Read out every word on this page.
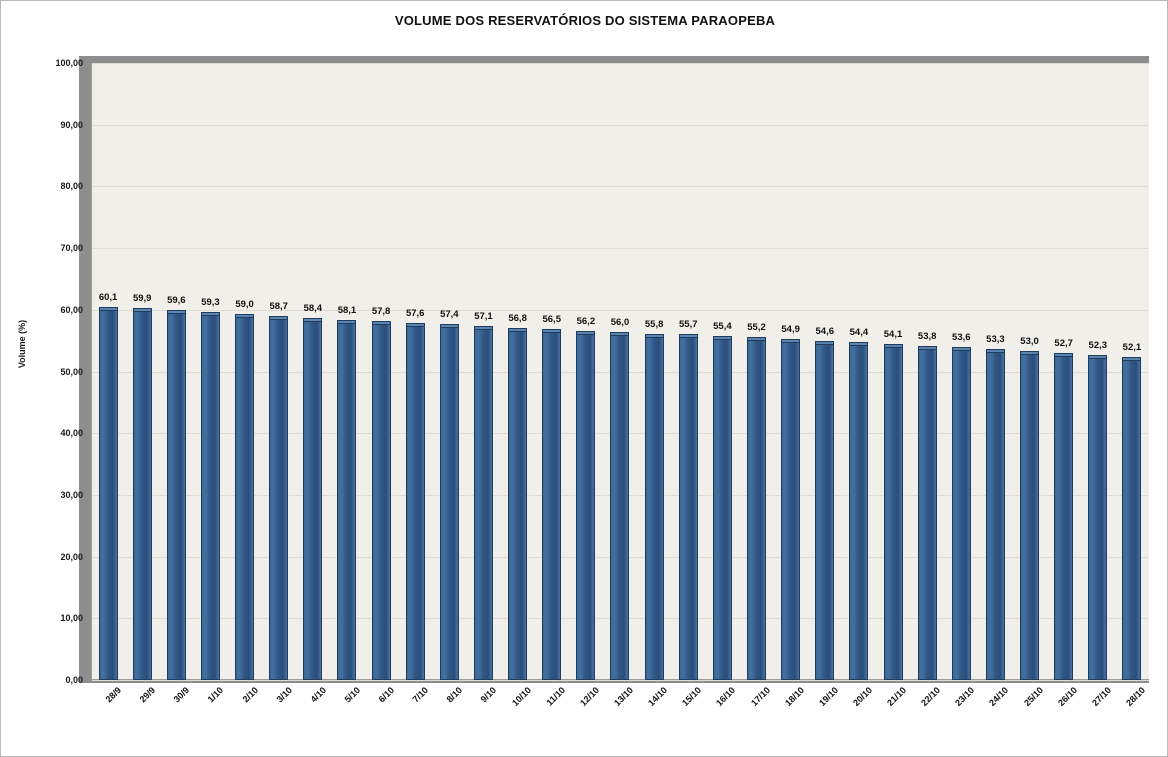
VOLUME DOS RESERVATÓRIOS DO SISTEMA PARAOPEBA
100,00
90,00
80,00
70,00
60,00
50,00
40,00
30,00
20,00
10,00
0,00
Volume (%)
60,1	59,9	59,6	59,3	59,0	58,7	58,4	58,1	57,8	57,6	57,4	57,1	56,8	56,5	56,2	56,0	55,8	55,7	55,4	55,2	54,9	54,6	54,4	54,1	53,8	53,6	53,3	53,0	52,7	52,3	52,1
28/9	29/9	30/9	1/10	2/10	3/10	4/10	5/10	6/10	7/10	8/10	9/10	10/10	11/10	12/10	13/10	14/10	15/10	16/10	17/10	18/10	19/10	20/10	21/10	22/10	23/10	24/10	25/10	26/10	27/10	28/10
